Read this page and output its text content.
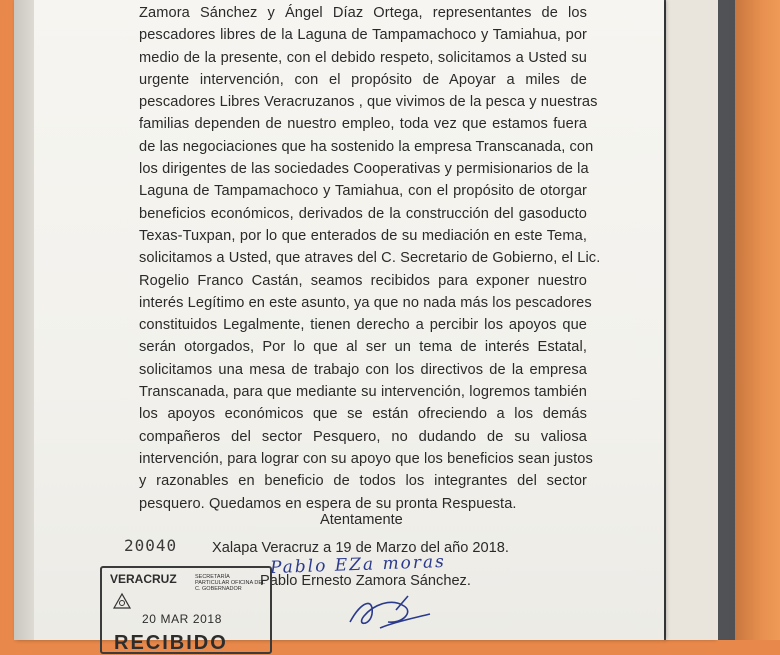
Zamora Sánchez y Ángel Díaz Ortega, representantes de los
pescadores libres de la Laguna de Tampamachoco y Tamiahua, por
medio de la presente, con el debido respeto, solicitamos a Usted su
urgente intervención, con el propósito de Apoyar a miles de
pescadores Libres Veracruzanos , que vivimos de la pesca y nuestras
familias dependen de nuestro empleo, toda vez que estamos fuera
de las negociaciones que ha sostenido la empresa Transcanada, con
los dirigentes de las sociedades Cooperativas y permisionarios de la
Laguna de Tampamachoco y Tamiahua, con el propósito de otorgar
beneficios económicos, derivados de la construcción del gasoducto
Texas-Tuxpan, por lo que enterados de su mediación en este Tema,
solicitamos a Usted, que atraves del C. Secretario de Gobierno, el Lic.
Rogelio Franco Castán, seamos recibidos para exponer nuestro
interés Legítimo en este asunto, ya que no nada más los pescadores
constituidos Legalmente, tienen derecho a percibir los apoyos que
serán otorgados, Por lo que al ser un tema de interés Estatal,
solicitamos una mesa de trabajo con los directivos de la empresa
Transcanada, para que mediante su intervención, logremos también
los apoyos económicos que se están ofreciendo a los demás
compañeros del sector Pesquero, no dudando de su valiosa
intervención, para lograr con su apoyo que los beneficios sean justos
y razonables en beneficio de todos los integrantes del sector
pesquero. Quedamos en espera de su pronta Respuesta.
Atentamente
20040 Xalapa Veracruz a 19 de Marzo del año 2018.
Pablo EZa moras
Pablo Ernesto Zamora Sánchez.
VERACRUZ	SECRETARÍA PARTICULAR OFICINA DEL C. GOBERNADOR
20 MAR 2018
RECIBIDO
